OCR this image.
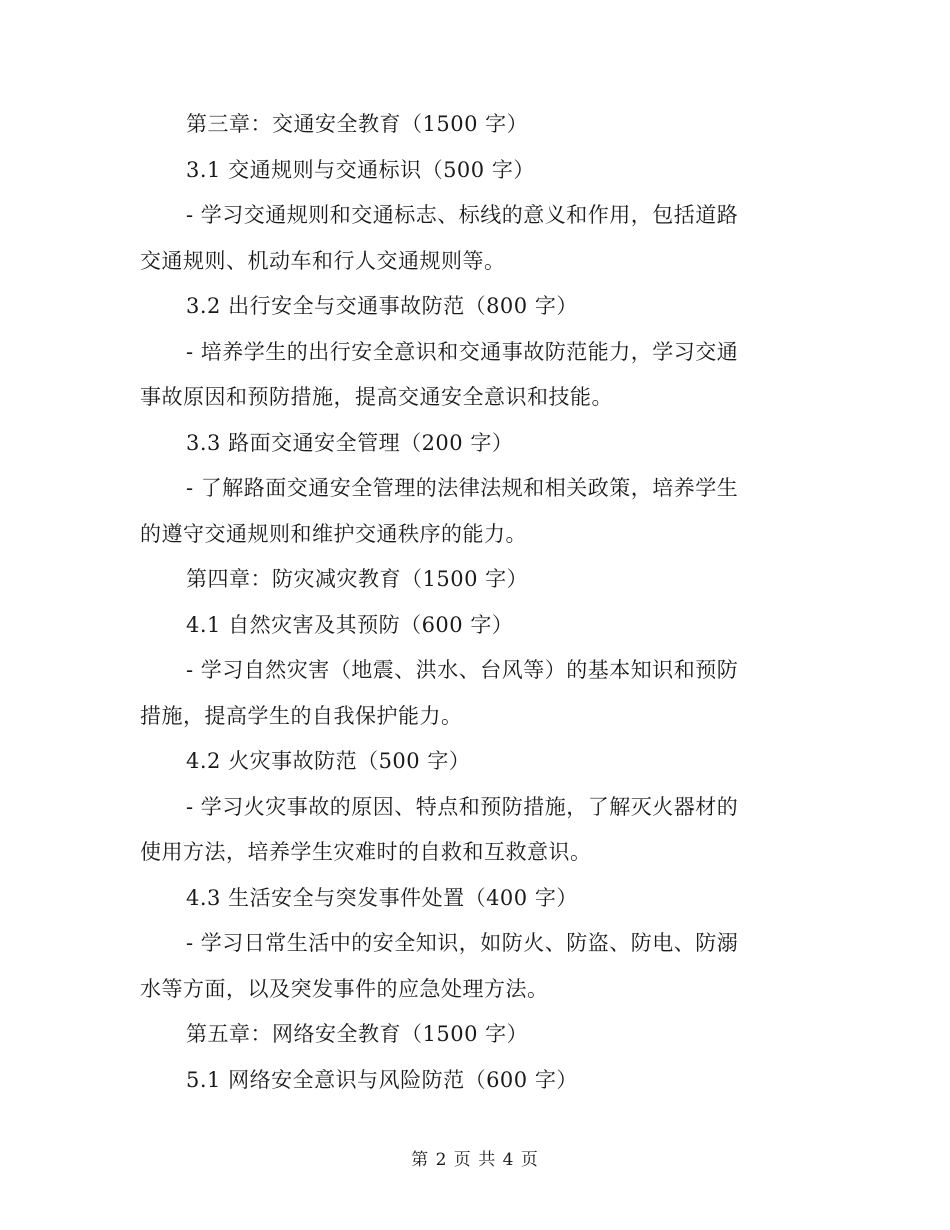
第三章：交通安全教育（1500 字）
3.1 交通规则与交通标识（500 字）
- 学习交通规则和交通标志、标线的意义和作用，包括道路
交通规则、机动车和行人交通规则等。
3.2 出行安全与交通事故防范（800 字）
- 培养学生的出行安全意识和交通事故防范能力，学习交通
事故原因和预防措施，提高交通安全意识和技能。
3.3 路面交通安全管理（200 字）
- 了解路面交通安全管理的法律法规和相关政策，培养学生
的遵守交通规则和维护交通秩序的能力。
第四章：防灾减灾教育（1500 字）
4.1 自然灾害及其预防（600 字）
- 学习自然灾害（地震、洪水、台风等）的基本知识和预防
措施，提高学生的自我保护能力。
4.2 火灾事故防范（500 字）
- 学习火灾事故的原因、特点和预防措施，了解灭火器材的
使用方法，培养学生灾难时的自救和互救意识。
4.3 生活安全与突发事件处置（400 字）
- 学习日常生活中的安全知识，如防火、防盗、防电、防溺
水等方面，以及突发事件的应急处理方法。
第五章：网络安全教育（1500 字）
5.1 网络安全意识与风险防范（600 字）
第 2 页 共 4 页
